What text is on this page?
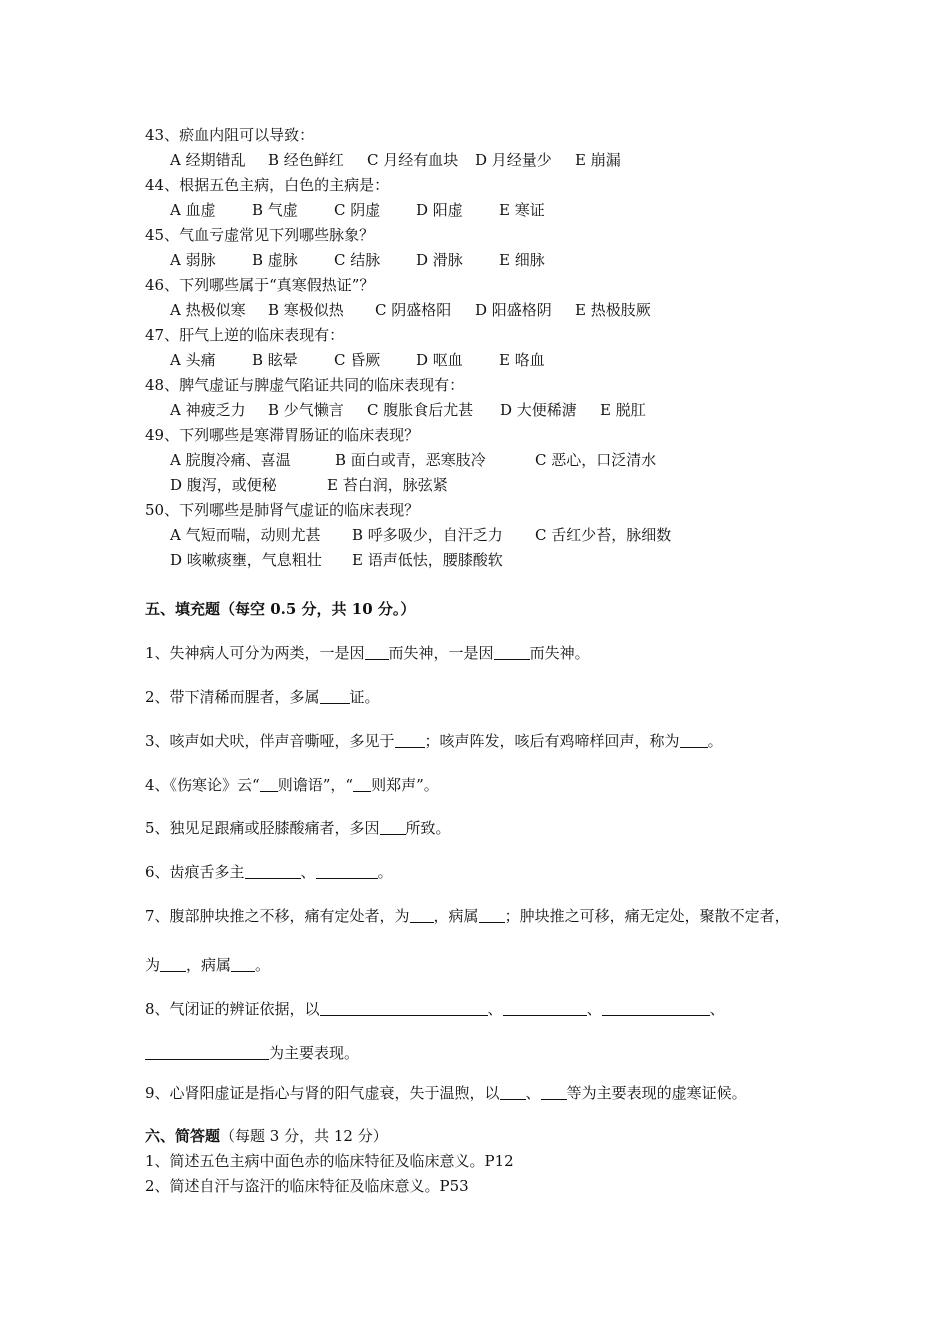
43、瘀血内阻可以导致：
A 经期错乱 B 经色鲜红 C 月经有血块 D 月经量少 E 崩漏
44、根据五色主病，白色的主病是：
A 血虚 B 气虚 C 阴虚 D 阳虚 E 寒证
45、气血亏虚常见下列哪些脉象？
A 弱脉 B 虚脉 C 结脉 D 滑脉 E 细脉
46、下列哪些属于“真寒假热证”？
A 热极似寒 B 寒极似热 C 阴盛格阳 D 阳盛格阴 E 热极肢厥
47、肝气上逆的临床表现有：
A 头痛 B 眩晕 C 昏厥 D 呕血 E 咯血
48、脾气虚证与脾虚气陷证共同的临床表现有：
A 神疲乏力 B 少气懒言 C 腹胀食后尤甚 D 大便稀溏 E 脱肛
49、下列哪些是寒滞胃肠证的临床表现？
A 脘腹冷痛、喜温	B 面白或青，恶寒肢冷	C 恶心，口泛清水
D 腹泻，或便秘	E 苔白润，脉弦紧
50、下列哪些是肺肾气虚证的临床表现？
A 气短而喘，动则尤甚 B 呼多吸少，自汗乏力 C 舌红少苔，脉细数
D 咳嗽痰壅，气息粗壮 E 语声低怯，腰膝酸软
五、填充题（每空 0.5 分，共 10 分。）
1、失神病人可分为两类，一是因 而失神，一是因 而失神。
2、带下清稀而腥者，多属 证。
3、咳声如犬吠，伴声音嘶哑，多见于 ；咳声阵发，咳后有鸡啼样回声，称为 。
4、《伤寒论》云“ 则谵语”，“ 则郑声”。
5、独见足跟痛或胫膝酸痛者，多因 所致。
6、齿痕舌多主	、	。
7、腹部肿块推之不移，痛有定处者，为 ，病属 ；肿块推之可移，痛无定处，聚散不定者，
为 ，病属 。
8、气闭证的辨证依据，以	、	、	、
为主要表现。
9、心肾阳虚证是指心与肾的阳气虚衰，失于温煦，以 、 等为主要表现的虚寒证候。
六、简答题（每题 3 分，共 12 分）
1、简述五色主病中面色赤的临床特征及临床意义。P12
2、简述自汗与盗汗的临床特征及临床意义。P53
